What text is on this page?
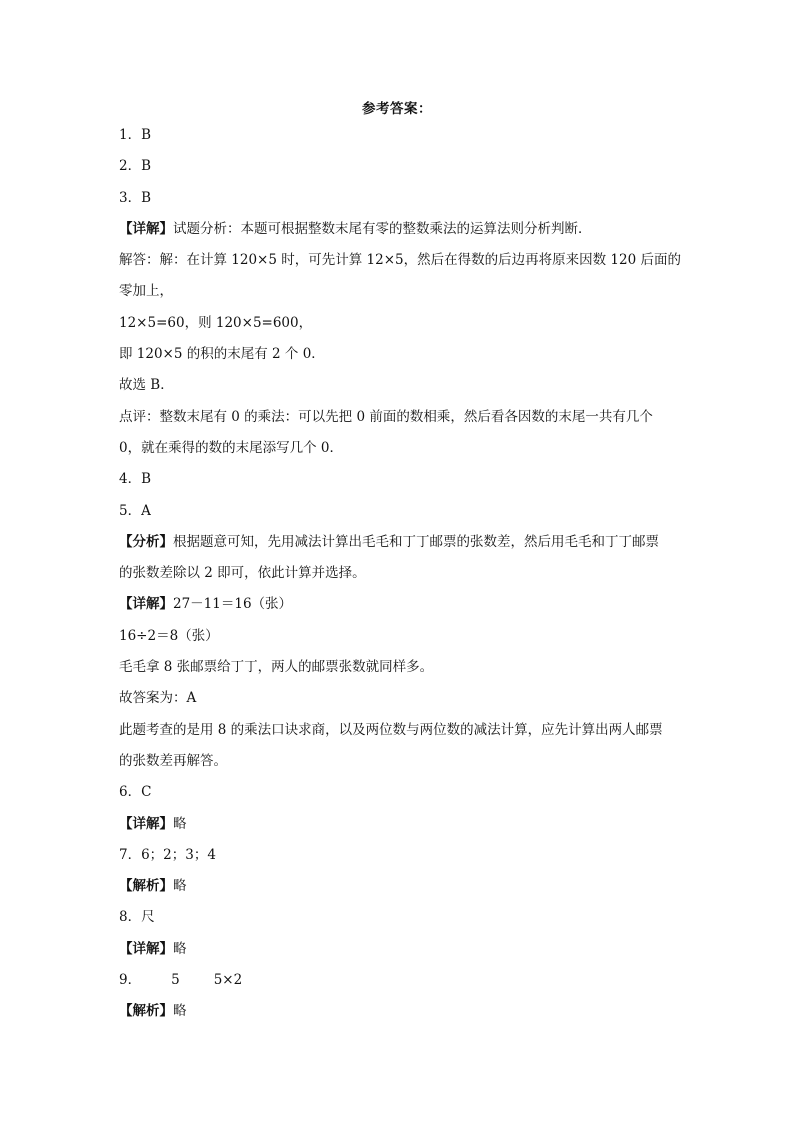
参考答案：
1．B
2．B
3．B
【详解】试题分析：本题可根据整数末尾有零的整数乘法的运算法则分析判断．
解答：解：在计算 120×5 时，可先计算 12×5，然后在得数的后边再将原来因数 120 后面的
零加上，
12×5=60，则 120×5=600，
即 120×5 的积的末尾有 2 个 0．
故选 B．
点评：整数末尾有 0 的乘法：可以先把 0 前面的数相乘，然后看各因数的末尾一共有几个
0，就在乘得的数的末尾添写几个 0．
4．B
5．A
【分析】根据题意可知，先用减法计算出毛毛和丁丁邮票的张数差，然后用毛毛和丁丁邮票
的张数差除以 2 即可，依此计算并选择。
【详解】27－11＝16（张）
16÷2＝8（张）
毛毛拿 8 张邮票给丁丁，两人的邮票张数就同样多。
故答案为：A
此题考查的是用 8 的乘法口诀求商，以及两位数与两位数的减法计算，应先计算出两人邮票
的张数差再解答。
6．C
【详解】略
7．6；2；3；4
【解析】略
8．尺
【详解】略
9． 5	5×2
【解析】略
